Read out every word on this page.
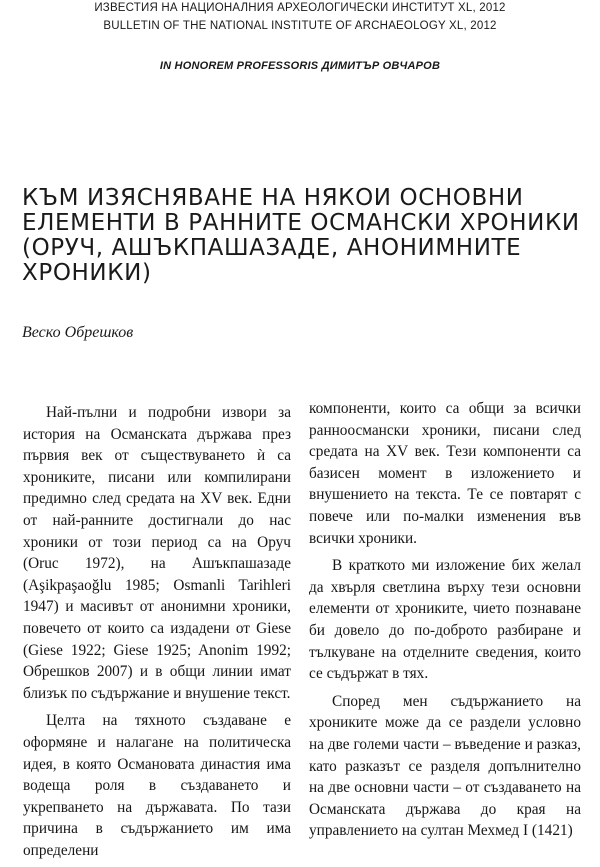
ИЗВЕСТИЯ НА НАЦИОНАЛНИЯ АРХЕОЛОГИЧЕСКИ ИНСТИТУТ XL, 2012
BULLETIN OF THE NATIONAL INSTITUTE OF ARCHAEOLOGY XL, 2012
IN HONOREM PROFESSORIS ДИМИТЪР ОВЧАРОВ
КЪМ ИЗЯСНЯВАНЕ НА НЯКОИ ОСНОВНИ ЕЛЕМЕНТИ В РАННИТЕ ОСМАНСКИ ХРОНИКИ (ОРУЧ, АШЪКПАШАЗАДЕ, АНОНИМНИТЕ ХРОНИКИ)
Веско Обрешков

Най-пълни и подробни извори за история на Османската държава през първия век от съществуването ѝ са хрониките, писани или компилирани предимно след средата на XV век. Едни от най-ранните достигнали до нас хроники от този период са на Оруч (Oruc 1972), на Ашъкпашазаде (Aşikpaşaoğlu 1985; Osmanli Tarihleri 1947) и масивът от анонимни хроники, повечето от които са издадени от Giese (Giese 1922; Giese 1925; Anonim 1992; Обрешков 2007) и в общи линии имат близък по съдържание и внушение текст.

Целта на тяхното създаване е оформяне и налагане на политическа идея, в която Османовата династия има водеща роля в създаването и укрепването на държавата. По тази причина в съдържанието им има определени

компоненти, които са общи за всички ранноосмански хроники, писани след средата на XV век. Тези компоненти са базисен момент в изложението и внушението на текста. Те се повтарят с повече или по-малки изменения във всички хроники.

В краткото ми изложение бих желал да хвърля светлина върху тези основни елементи от хрониките, чието познаване би довело до по-доброто разбиране и тълкуване на отделните сведения, които се съдържат в тях.

Според мен съдържанието на хрониките може да се раздели условно на две големи части – въведение и разказ, като разказът се разделя допълнително на две основни части – от създаването на Османската държава до края на управлението на султан Мехмед I (1421)
